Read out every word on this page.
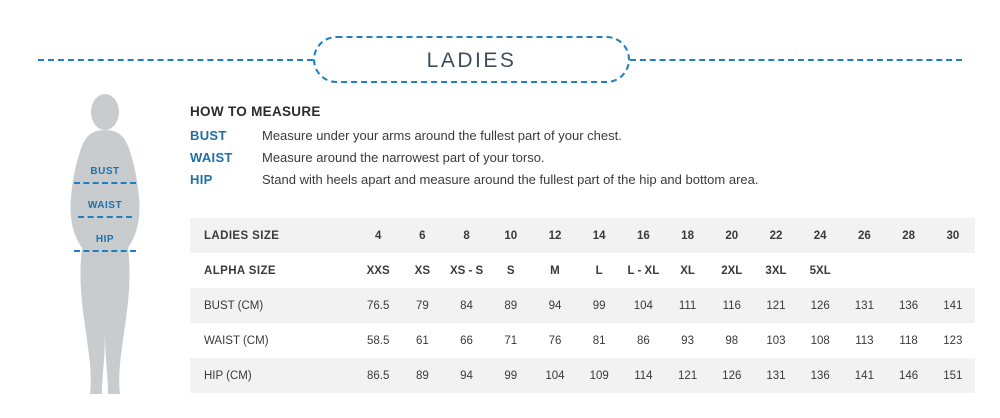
LADIES
BUST
WAIST
HIP
HOW TO MEASURE
BUST	Measure under your arms around the fullest part of your chest.
WAIST	Measure around the narrowest part of your torso.
HIP	Stand with heels apart and measure around the fullest part of the hip and bottom area.
LADIES SIZE	4	6	8	10	12	14	16	18	20	22	24	26	28	30
ALPHA SIZE	XXS	XS	XS - S	S	M	L	L - XL	XL	2XL	3XL	5XL			
BUST (CM)	76.5	79	84	89	94	99	104	111	116	121	126	131	136	141
WAIST (CM)	58.5	61	66	71	76	81	86	93	98	103	108	113	118	123
HIP (CM)	86.5	89	94	99	104	109	114	121	126	131	136	141	146	151
